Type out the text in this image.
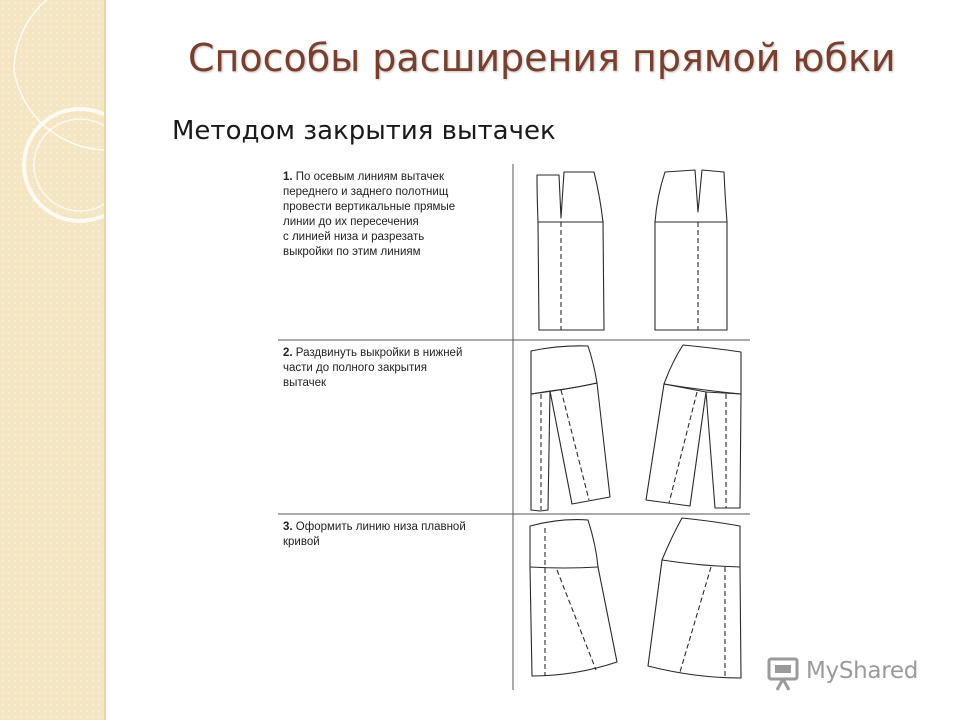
Способы расширения прямой юбки
Методом закрытия вытачек
1. По осевым линиям вытачек переднего и заднего полотнищ провести вертикальные прямые линии до их пересечения с линией низа и разрезать выкройки по этим линиям
2. Раздвинуть выкройки в нижней части до полного закрытия вытачек
3. Оформить линию низа плавной кривой
MyShared
